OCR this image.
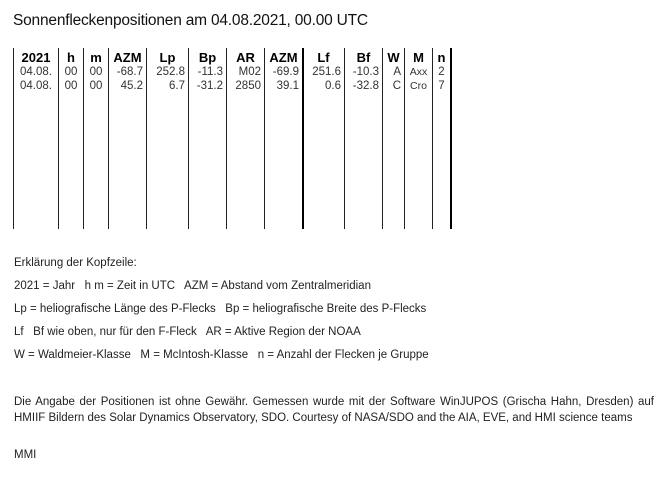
Sonnenfleckenpositionen am 04.08.2021, 00.00 UTC
2021	h	m AZM	Lp	Bp	AR	AZM	Lf	Bf	W	M	n
04.08.	00	00	-68.7	252.8	-11.3	M02	-69.9	251.6	-10.3	A Axx 2
04.08.	00	00	45.2	6.7	-31.2	2850	39.1	0.6	-32.8	C Cro 7
Erklärung der Kopfzeile:
2021 = Jahr   h m = Zeit in UTC   AZM = Abstand vom Zentralmeridian
Lp = heliografische Länge des P-Flecks   Bp = heliografische Breite des P-Flecks
Lf   Bf wie oben, nur für den F-Fleck   AR = Aktive Region der NOAA
W = Waldmeier-Klasse   M = McIntosh-Klasse   n = Anzahl der Flecken je Gruppe
Die Angabe der Positionen ist ohne Gewähr. Gemessen wurde mit der Software WinJUPOS (Grischa Hahn, Dresden) auf HMIIF Bildern des Solar Dynamics Observatory, SDO. Courtesy of NASA/SDO and the AIA, EVE, and HMI science teams
MMI
